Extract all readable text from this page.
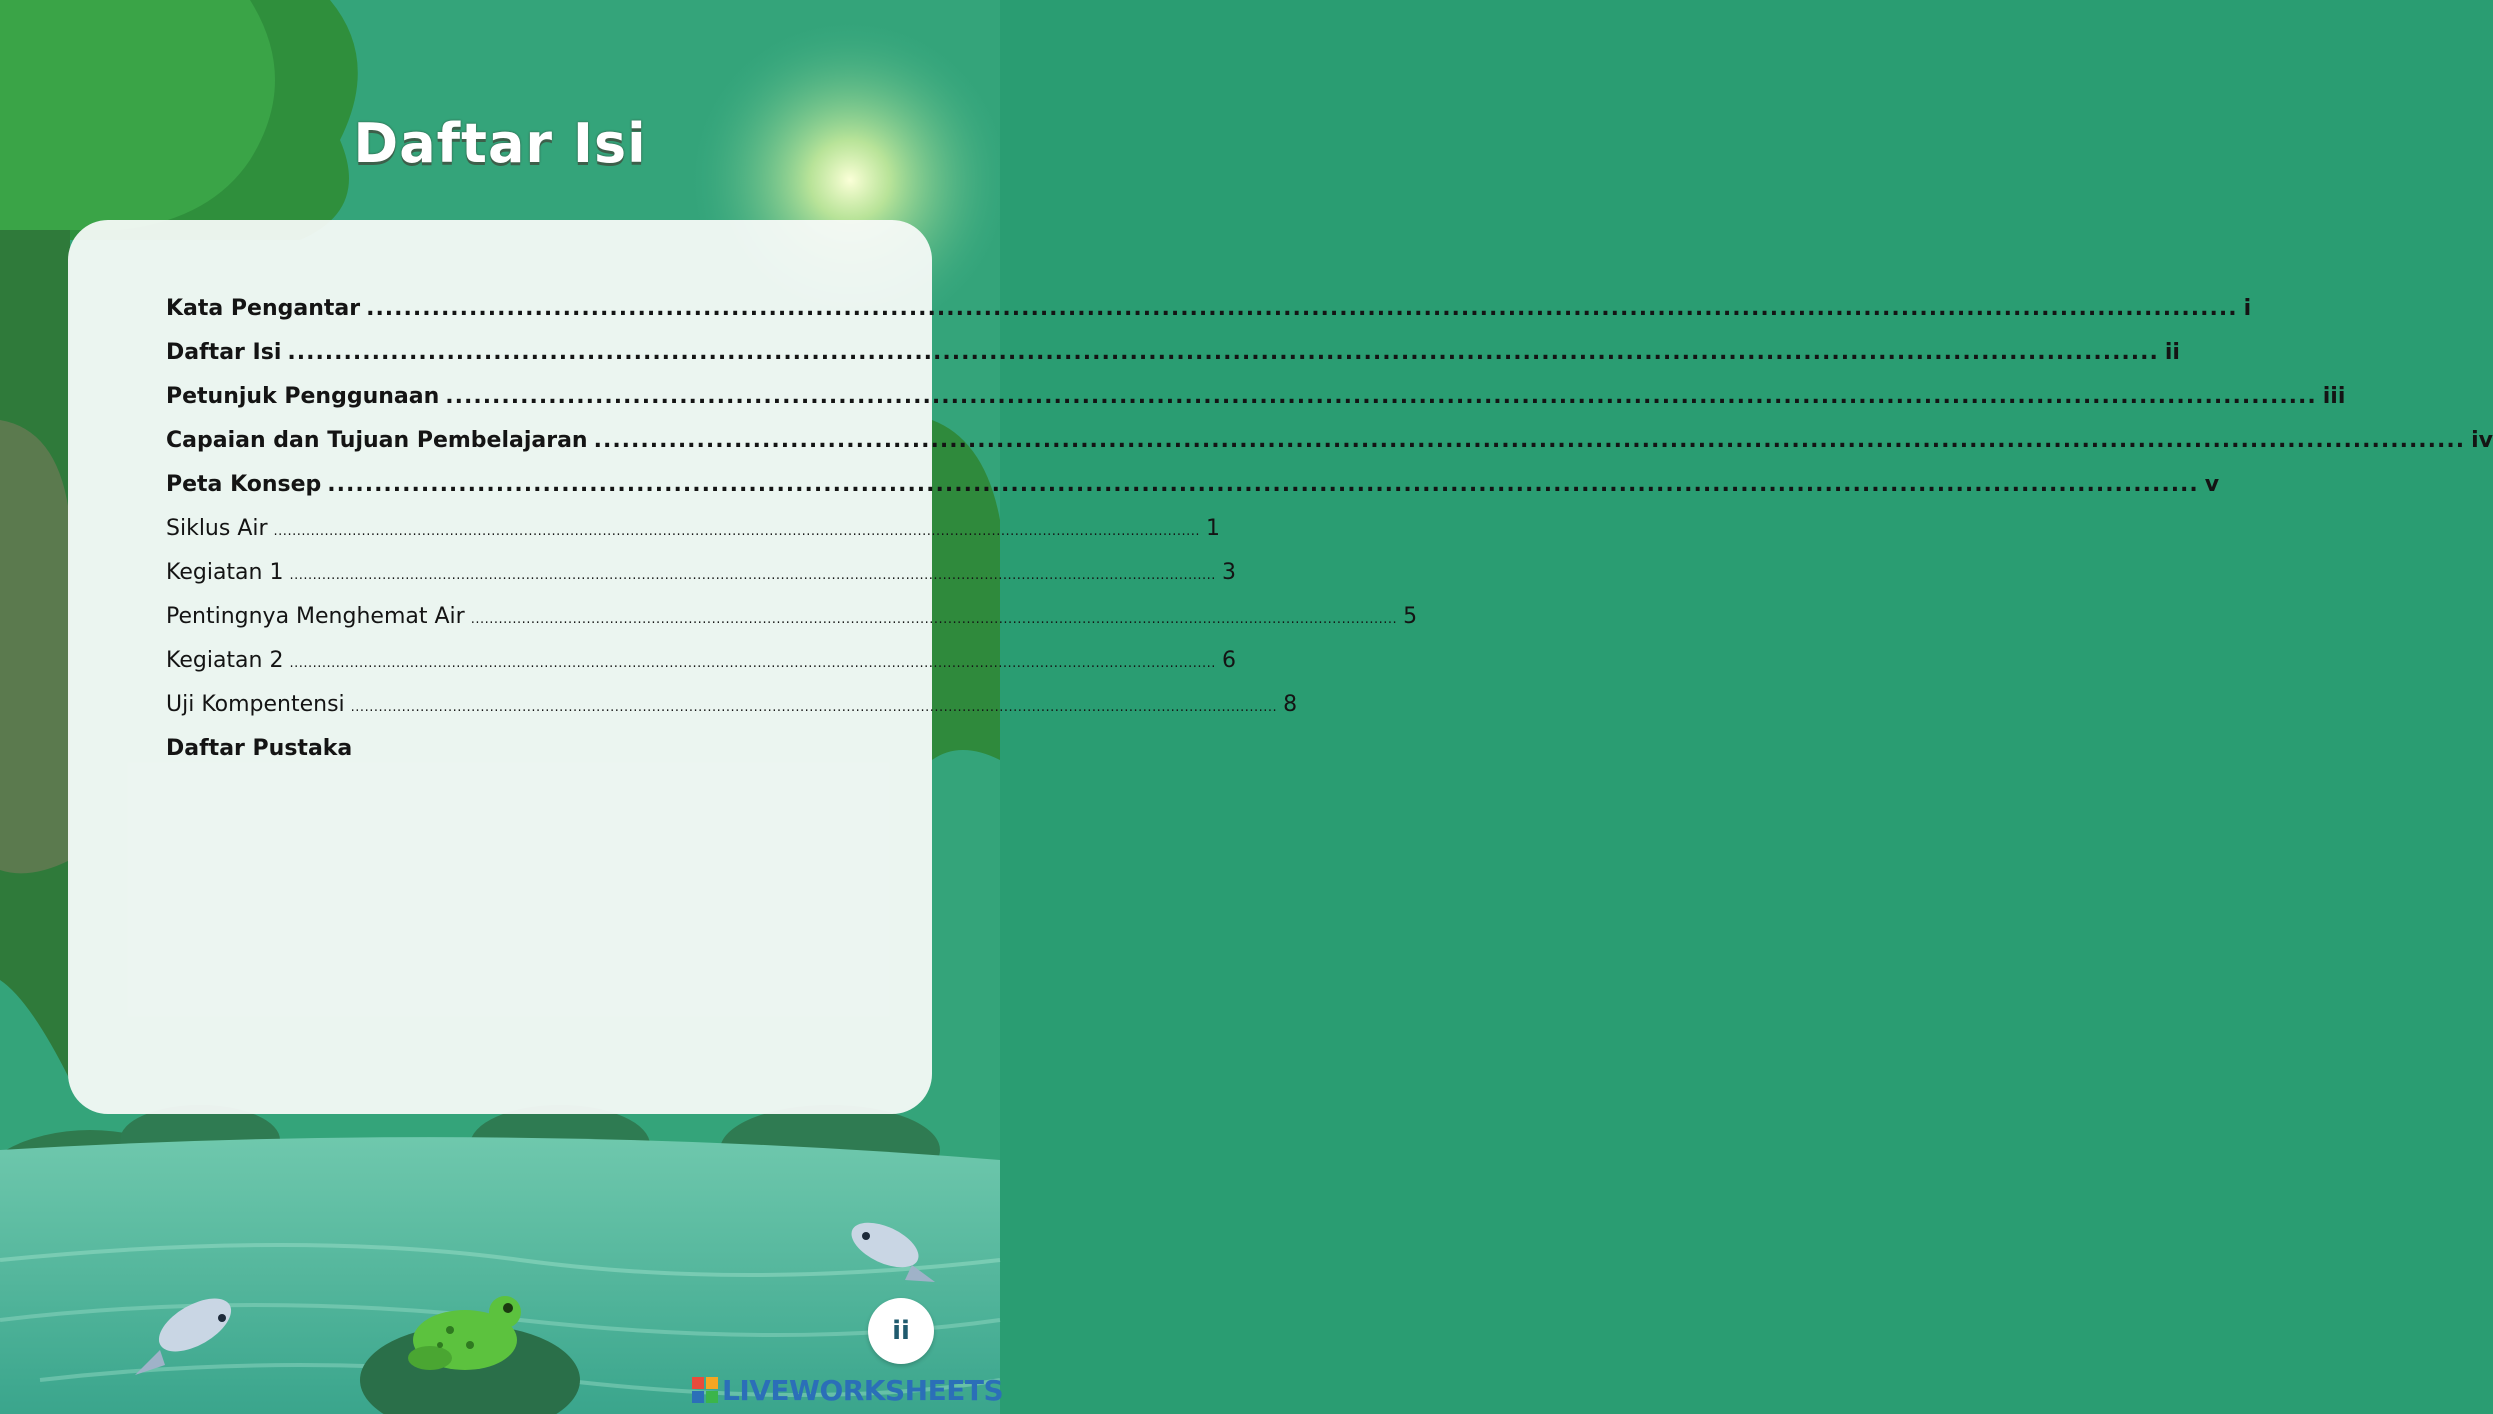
Daftar Isi
Kata Pengantar ........................................................................................................................................................................................................ i
Daftar Isi ........................................................................................................................................................................................................ ii
Petunjuk Penggunaan ........................................................................................................................................................................................................ iii
Capaian dan Tujuan Pembelajaran ........................................................................................................................................................................................................ iv
Peta Konsep ........................................................................................................................................................................................................ v
Siklus Air ........................................................................................................................................................................................................ 1
Kegiatan 1 ........................................................................................................................................................................................................ 3
Pentingnya Menghemat Air ........................................................................................................................................................................................................ 5
Kegiatan 2 ........................................................................................................................................................................................................ 6
Uji Kompentensi ........................................................................................................................................................................................................ 8
Daftar Pustaka
ii
LIVEWORKSHEETS
